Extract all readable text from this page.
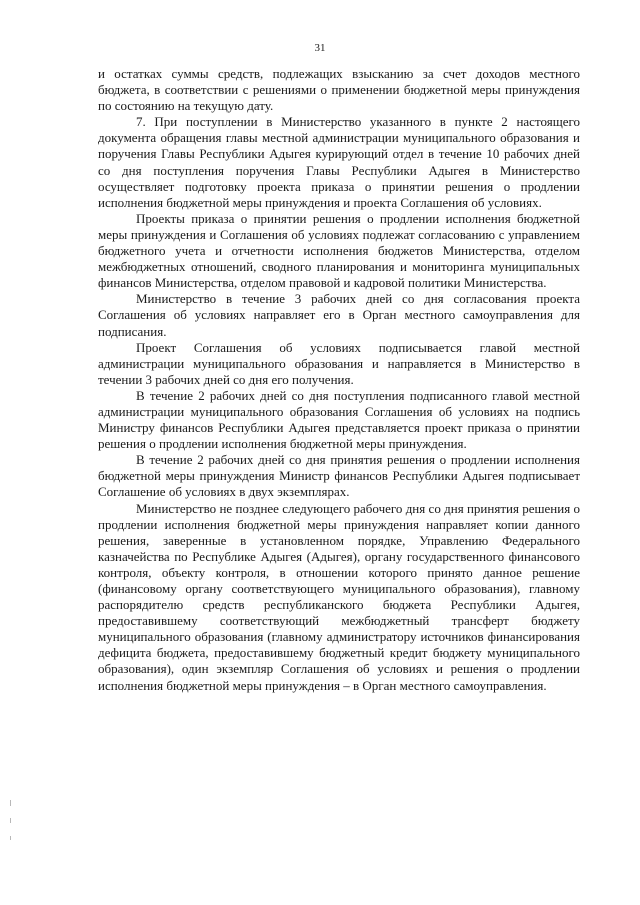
31

и остатках суммы средств, подлежащих взысканию за счет доходов местного бюджета, в соответствии с решениями о применении бюджетной меры принуждения по состоянию на текущую дату.

7. При поступлении в Министерство указанного в пункте 2 настоящего документа обращения главы местной администрации муниципального образования и поручения Главы Республики Адыгея курирующий отдел в течение 10 рабочих дней со дня поступления поручения Главы Республики Адыгея в Министерство осуществляет подготовку проекта приказа о принятии решения о продлении исполнения бюджетной меры принуждения и проекта Соглашения об условиях.

Проекты приказа о принятии решения о продлении исполнения бюджетной меры принуждения и Соглашения об условиях подлежат согласованию с управлением бюджетного учета и отчетности исполнения бюджетов Министерства, отделом межбюджетных отношений, сводного планирования и мониторинга муниципальных финансов Министерства, отделом правовой и кадровой политики Министерства.

Министерство в течение 3 рабочих дней со дня согласования проекта Соглашения об условиях направляет его в Орган местного самоуправления для подписания.

Проект Соглашения об условиях подписывается главой местной администрации муниципального образования и направляется в Министерство в течении 3 рабочих дней со дня его получения.

В течение 2 рабочих дней со дня поступления подписанного главой местной администрации муниципального образования Соглашения об условиях на подпись Министру финансов Республики Адыгея представляется проект приказа о принятии решения о продлении исполнения бюджетной меры принуждения.

В течение 2 рабочих дней со дня принятия решения о продлении исполнения бюджетной меры принуждения Министр финансов Республики Адыгея подписывает Соглашение об условиях в двух экземплярах.

Министерство не позднее следующего рабочего дня со дня принятия решения о продлении исполнения бюджетной меры принуждения направляет копии данного решения, заверенные в установленном порядке, Управлению Федерального казначейства по Республике Адыгея (Адыгея), органу государственного финансового контроля, объекту контроля, в отношении которого принято данное решение (финансовому органу соответствующего муниципального образования), главному распорядителю средств республиканского бюджета Республики Адыгея, предоставившему соответствующий межбюджетный трансферт бюджету муниципального образования (главному администратору источников финансирования дефицита бюджета, предоставившему бюджетный кредит бюджету муниципального образования), один экземпляр Соглашения об условиях и решения о продлении исполнения бюджетной меры принуждения – в Орган местного самоуправления.
